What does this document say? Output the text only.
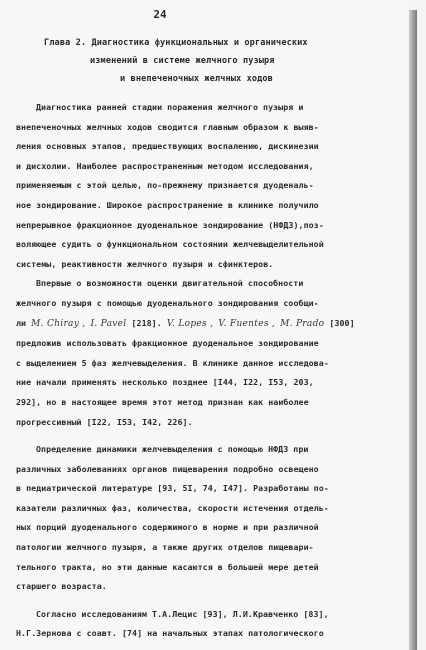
24
Глава 2. Диагностика функциональных и органических
изменений в системе желчного пузыря
и внепеченочных желчных ходов

Диагностика ранней стадии поражения желчного пузыря и
внепеченочных желчных ходов сводится главным образом к выяв-
ления основных этапов, предшествующих воспалению, дискинезии
и дисхолии. Наиболее распространенным методом исследования,
применяемым с этой целью, по-прежнему признается дуоденаль-
ное зондирование. Широкое распространение в клинике получило
непрерывное фракционное дуоденальное зондирование (НФДЗ),поз-
воляющее судить о функциональном состоянии желчевыделительной
системы, реактивности желчного пузыря и сфинктеров.

Впервые о возможности оценки двигательной способности
желчного пузыря с помощью дуоденального зондирования сообщи-
ли M. Chiray , I. Pavel [218]. V. Lopes , V. Fuentes , M. Prado [300]
предложив использовать фракционное дуоденальное зондирование
с выделением 5 фаз желчевыделения. В клинике данное исследова-
ние начали применять несколько позднее [I44, I22, I53, 203,
292], но в настоящее время этот метод признан как наиболее
прогрессивный [I22, I53, I42, 226].

Определение динамики желчевыделения с помощью НФДЗ при
различных заболеваниях органов пищеварения подробно освещено
в педиатрической литературе [93, 5I, 74, I47]. Разработаны по-
казатели различных фаз, количества, скорости истечения отдель-
ных порций дуоденального содержимого в норме и при различной
патологии желчного пузыря, а также других отделов пищевари-
тельного тракта, но эти данные касаются в большей мере детей
старшего возраста.

Согласно исследованиям Т.А.Лецис [93], Л.И.Кравченко [83],
Н.Г.Зернова с соавт. [74] на начальных этапах патологического
